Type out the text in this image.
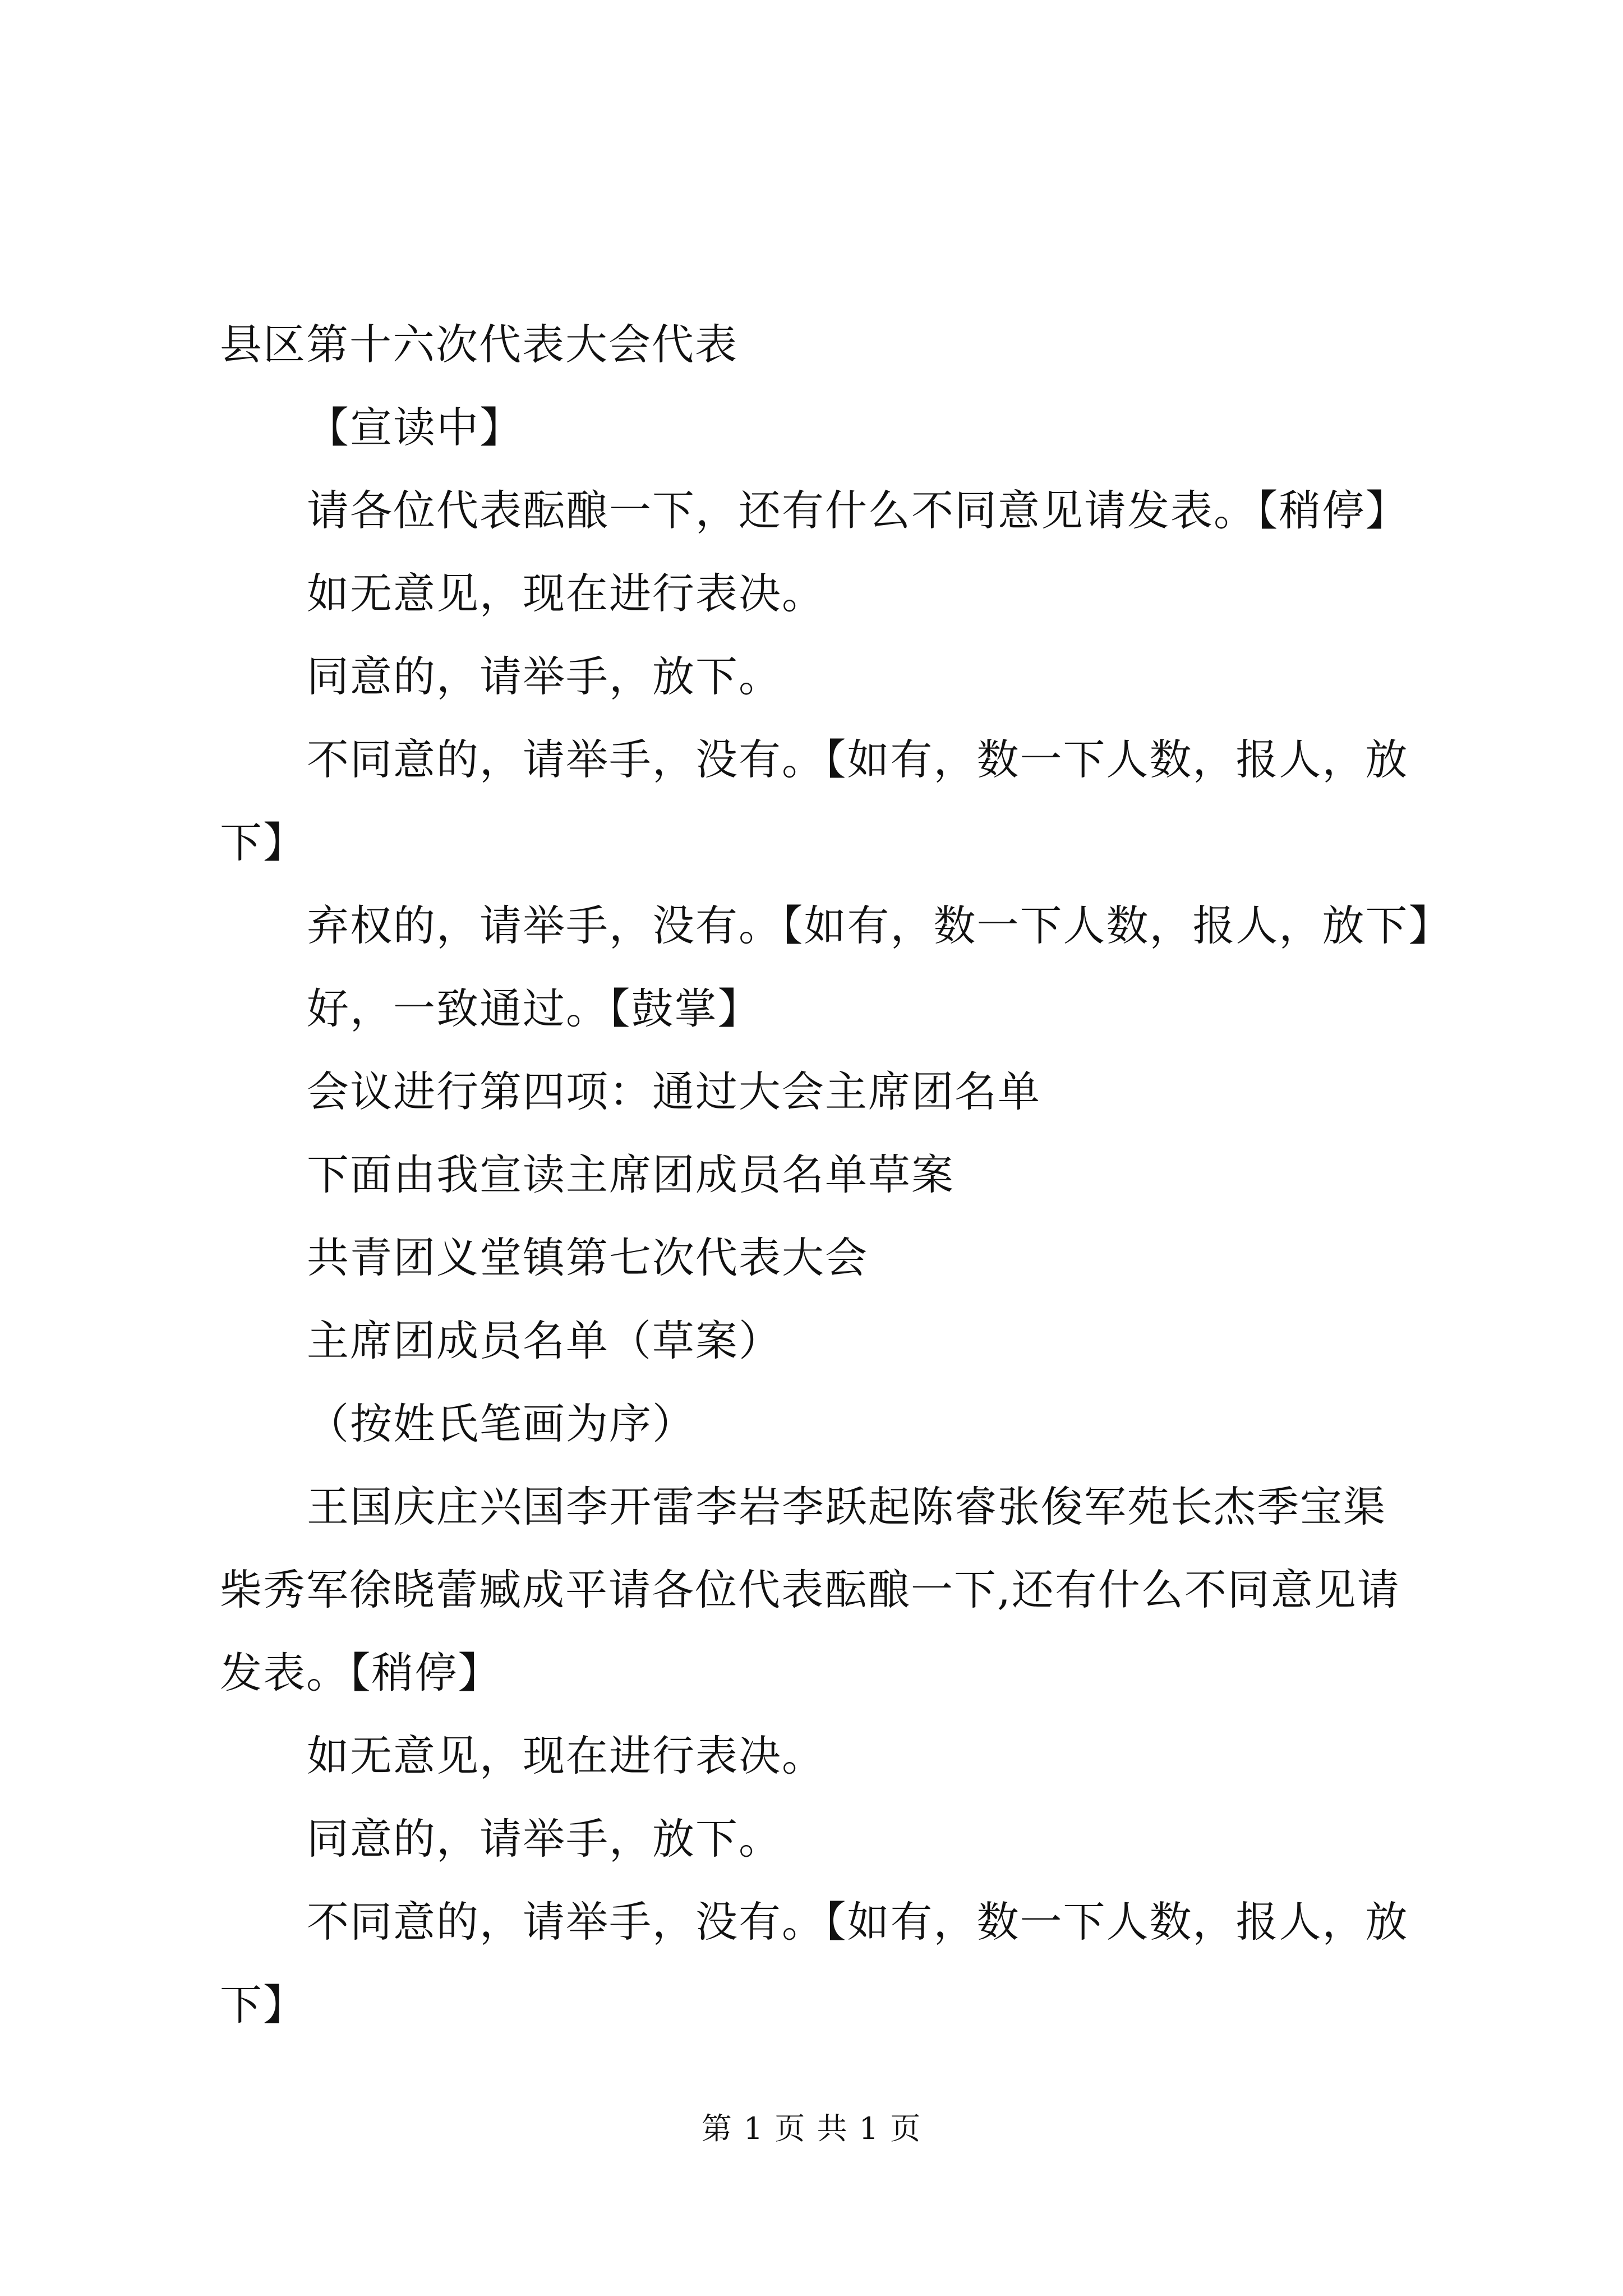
县区第十六次代表大会代表
【宣读中】
请各位代表酝酿一下，还有什么不同意见请发表。【稍停】
如无意见，现在进行表决。
同意的，请举手，放下。
不同意的，请举手，没有。【如有，数一下人数，报人，放
下】
弃权的，请举手，没有。【如有，数一下人数，报人，放下】
好，一致通过。【鼓掌】
会议进行第四项：通过大会主席团名单
下面由我宣读主席团成员名单草案
共青团义堂镇第七次代表大会
主席团成员名单（草案）
（按姓氏笔画为序）
王国庆庄兴国李开雷李岩李跃起陈睿张俊军苑长杰季宝渠
柴秀军徐晓蕾臧成平请各位代表酝酿一下,还有什么不同意见请
发表。【稍停】
如无意见，现在进行表决。
同意的，请举手，放下。
不同意的，请举手，没有。【如有，数一下人数，报人，放
下】
第 1 页 共 1 页
